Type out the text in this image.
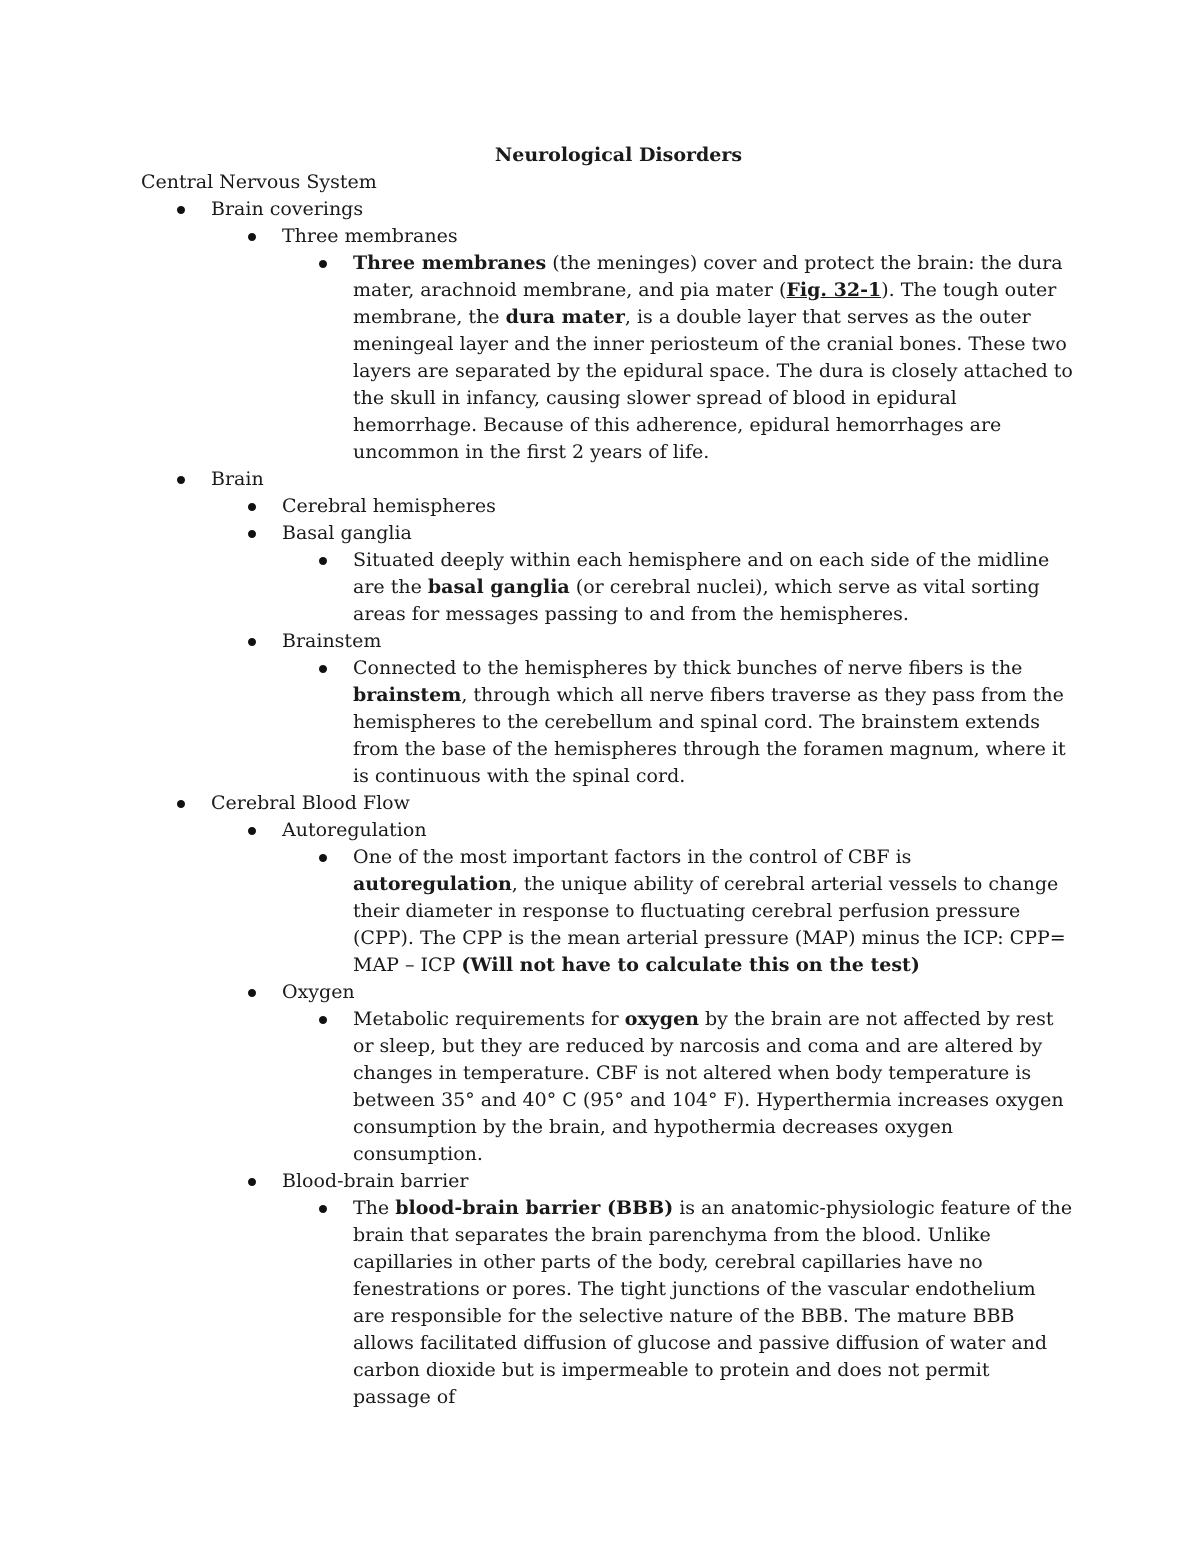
Neurological Disorders

Central Nervous System

Brain coverings
Three membranes
Three membranes (the meninges) cover and protect the brain: the dura mater, arachnoid membrane, and pia mater (Fig. 32-1). The tough outer membrane, the dura mater, is a double layer that serves as the outer meningeal layer and the inner periosteum of the cranial bones. These two layers are separated by the epidural space. The dura is closely attached to the skull in infancy, causing slower spread of blood in epidural hemorrhage. Because of this adherence, epidural hemorrhages are uncommon in the first 2 years of life.
Brain
Cerebral hemispheres
Basal ganglia
Situated deeply within each hemisphere and on each side of the midline are the basal ganglia (or cerebral nuclei), which serve as vital sorting areas for messages passing to and from the hemispheres.
Brainstem
Connected to the hemispheres by thick bunches of nerve fibers is the brainstem, through which all nerve fibers traverse as they pass from the hemispheres to the cerebellum and spinal cord. The brainstem extends from the base of the hemispheres through the foramen magnum, where it is continuous with the spinal cord.
Cerebral Blood Flow
Autoregulation
One of the most important factors in the control of CBF is autoregulation, the unique ability of cerebral arterial vessels to change their diameter in response to fluctuating cerebral perfusion pressure (CPP). The CPP is the mean arterial pressure (MAP) minus the ICP: CPP= MAP – ICP (Will not have to calculate this on the test)
Oxygen
Metabolic requirements for oxygen by the brain are not affected by rest or sleep, but they are reduced by narcosis and coma and are altered by changes in temperature. CBF is not altered when body temperature is between 35° and 40° C (95° and 104° F). Hyperthermia increases oxygen consumption by the brain, and hypothermia decreases oxygen consumption.
Blood-brain barrier
The blood-brain barrier (BBB) is an anatomic-physiologic feature of the brain that separates the brain parenchyma from the blood. Unlike capillaries in other parts of the body, cerebral capillaries have no fenestrations or pores. The tight junctions of the vascular endothelium are responsible for the selective nature of the BBB. The mature BBB allows facilitated diffusion of glucose and passive diffusion of water and carbon dioxide but is impermeable to protein and does not permit passage of
